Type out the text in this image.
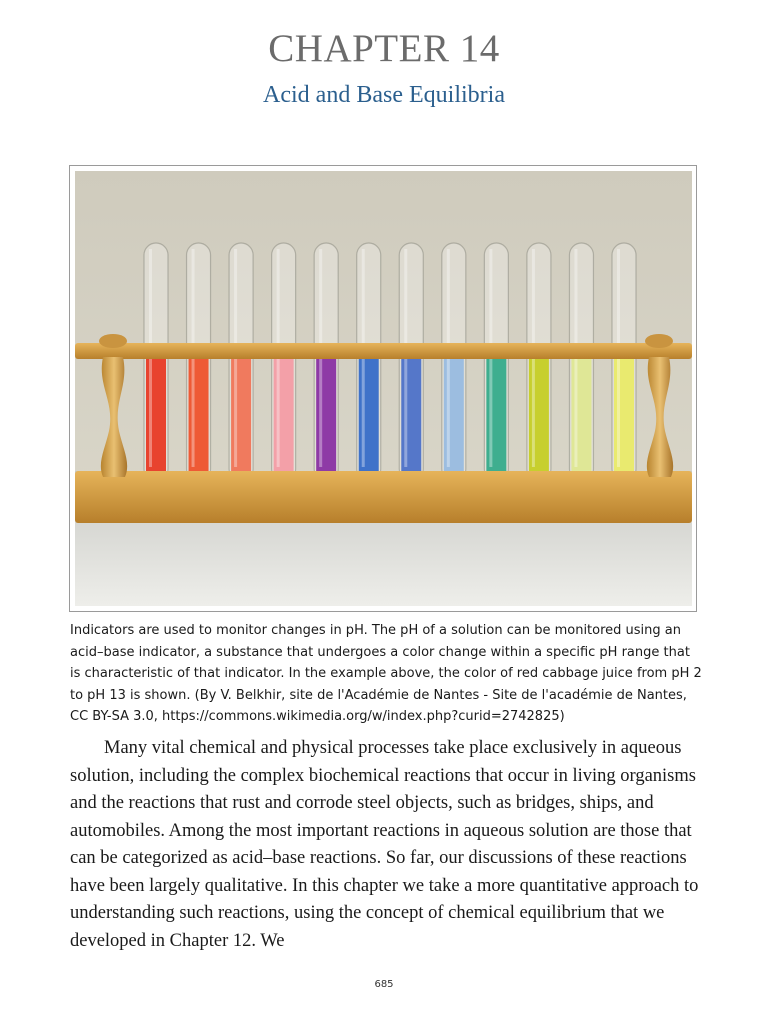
CHAPTER 14
Acid and Base Equilibria

Indicators are used to monitor changes in pH. The pH of a solution can be monitored using an acid–base indicator, a substance that undergoes a color change within a specific pH range that is characteristic of that indicator. In the example above, the color of red cabbage juice from pH 2 to pH 13 is shown. (By V. Belkhir, site de l'Académie de Nantes - Site de l'académie de Nantes, CC BY-SA 3.0, https://commons.wikimedia.org/w/index.php?curid=2742825)

Many vital chemical and physical processes take place exclusively in aqueous solution, including the complex biochemical reactions that occur in living organisms and the reactions that rust and corrode steel objects, such as bridges, ships, and automobiles. Among the most important reactions in aqueous solution are those that can be categorized as acid–base reactions. So far, our discussions of these reactions have been largely qualitative. In this chapter we take a more quantitative approach to understanding such reactions, using the concept of chemical equilibrium that we developed in Chapter 12. We

685
